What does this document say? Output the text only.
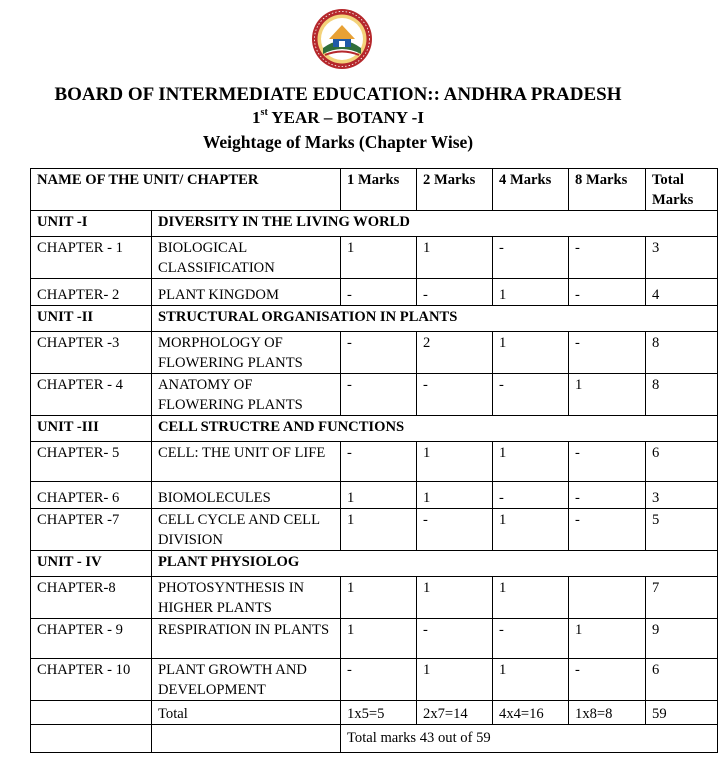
BOARD OF INTERMEDIATE EDUCATION:: ANDHRA PRADESH
1st YEAR – BOTANY -I
Weightage of Marks (Chapter Wise)
NAME OF THE UNIT/ CHAPTER		1 Marks	2 Marks	4 Marks	8 Marks	Total Marks
UNIT -I	DIVERSITY IN THE LIVING WORLD					
CHAPTER - 1	BIOLOGICAL CLASSIFICATION	1	1	-	-	3
CHAPTER- 2	PLANT KINGDOM	-	-	1	-	4
UNIT -II	STRUCTURAL ORGANISATION IN PLANTS					
CHAPTER -3	MORPHOLOGY OF FLOWERING PLANTS	-	2	1	-	8
CHAPTER - 4	ANATOMY OF FLOWERING PLANTS	-	-	-	1	8
UNIT -III	CELL STRUCTRE AND FUNCTIONS					
CHAPTER- 5	CELL: THE UNIT OF LIFE	-	1	1	-	6
CHAPTER- 6	BIOMOLECULES	1	1	-	-	3
CHAPTER -7	CELL CYCLE AND CELL DIVISION	1	-	1	-	5
UNIT - IV	PLANT PHYSIOLOG					
CHAPTER-8	PHOTOSYNTHESIS IN HIGHER PLANTS	1	1	1		7
CHAPTER - 9	RESPIRATION IN PLANTS	1	-	-	1	9
CHAPTER - 10	PLANT GROWTH AND DEVELOPMENT	-	1	1	-	6
	Total	1x5=5	2x7=14	4x4=16	1x8=8	59
		Total marks 43 out of 59				
